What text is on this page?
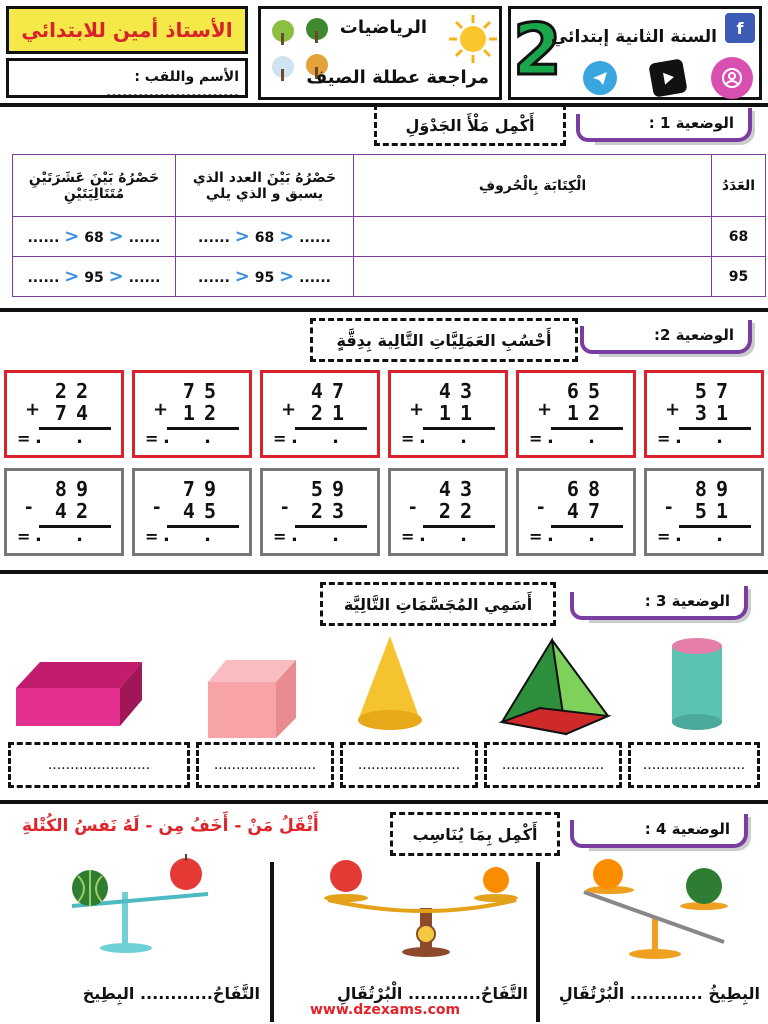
الأستاذ أمين للابتدائي
الأسم واللقب : .........................
الرياضيات
مراجعة عطلة الصيف 2
السنة الثانية إبتدائي	f
الوضعية 1 :
أَكْمِل مَلْأَ الجَدْوَلِ
العَدَدُ	الْكِتَابَة بِالْحُروفِ	حَصْرُهُ بَيْنَ العدد الذي يسبق و الذي يلي	حَصْرُهُ بَيْنَ عَشَرَتَيْنِ مُتَتَالِيَتَيْنِ
68		...... < 68 < ......	...... < 68 < ......
95		...... < 95 < ......	...... < 95 < ......
الوضعية 2:
أَحْسُبِ العَمَلِيَّاتِ التَّالِية بِدِقَّةٍ
57
+ 31
= . .
65
+ 12
= . .
43
+ 11
= . .
47
+ 21
= . .
75
+ 12
= . .
22
+ 74
= . .
89
- 51
= . .
68
- 47
= . .
43
- 22
= . .
59
- 23
= . .
79
- 45
= . .
89
- 42
= . .
الوضعية 3 :
أَسَمِي المُجَسَّمَاتِ التَّالِيَّة
.......................	.......................	.......................	.......................	.......................
الوضعية 4 :
أَكْمِل بِمَا يُنَاسِب
أَثْقَلُ مَنْ - أَخَفُ مِن - لَهُ نَفسُ الكُتْلةِ
البِطِيخُ ............ الْبُرْتُقَالِ
التَّفَاحُ............ الْبُرْتُقَالِ
التَّفَاحُ............ البِطِيخ
www.dzexams.com
